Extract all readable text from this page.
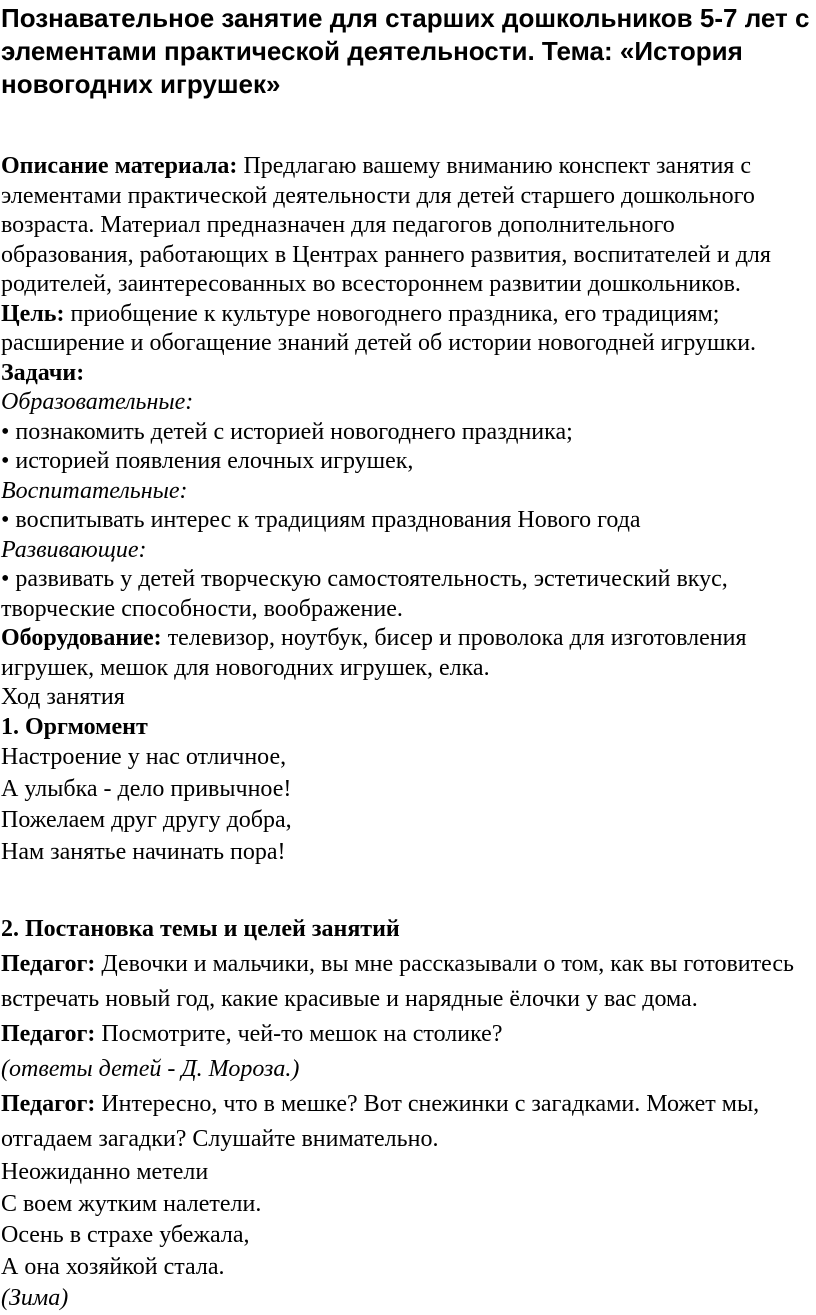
Познавательное занятие для старших дошкольников 5-7 лет с элементами практической деятельности. Тема: «История новогодних игрушек»

Описание материала: Предлагаю вашему вниманию конспект занятия с элементами практической деятельности для детей старшего дошкольного возраста. Материал предназначен для педагогов дополнительного образования, работающих в Центрах раннего развития, воспитателей и для родителей, заинтересованных во всестороннем развитии дошкольников.

Цель: приобщение к культуре новогоднего праздника, его традициям; расширение и обогащение знаний детей об истории новогодней игрушки.

Задачи:

Образовательные:

• познакомить детей с историей новогоднего праздника;

• историей появления елочных игрушек,

Воспитательные:

• воспитывать интерес к традициям празднования Нового года

Развивающие:

• развивать у детей творческую самостоятельность, эстетический вкус, творческие способности, воображение.

Оборудование: телевизор, ноутбук, бисер и проволока для изготовления игрушек, мешок для новогодних игрушек, елка.

Ход занятия

1. Оргмомент

Настроение у нас отличное,

А улыбка - дело привычное!

Пожелаем друг другу добра,

Нам занятье начинать пора!

2. Постановка темы и целей занятий

Педагог: Девочки и мальчики, вы мне рассказывали о том, как вы готовитесь встречать новый год, какие красивые и нарядные ёлочки у вас дома.

Педагог: Посмотрите, чей-то мешок на столике?

(ответы детей - Д. Мороза.)

Педагог: Интересно, что в мешке? Вот снежинки с загадками. Может мы, отгадаем загадки? Слушайте внимательно.

Неожиданно метели

С воем жутким налетели.

Осень в страхе убежала,

А она хозяйкой стала.

(Зима)
